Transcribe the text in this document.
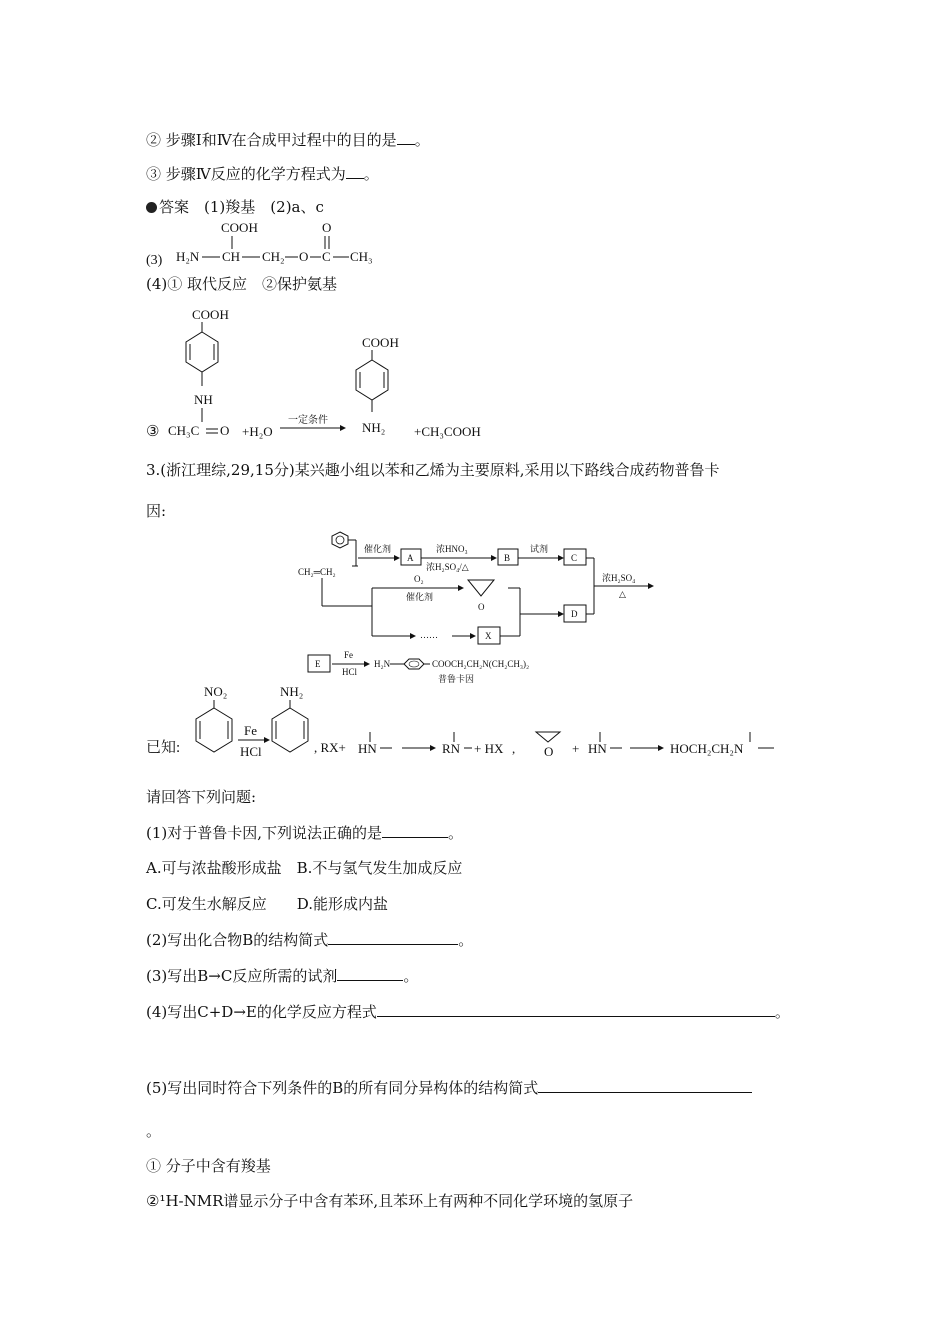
② 步骤Ⅰ和Ⅳ在合成甲过程中的目的是 。
③ 步骤Ⅳ反应的化学方程式为 。
答案　 (1)羧基　 (2)a、c
(3)
COOH
H₂N CH CH₂ O C
O
CH₃
(4)① 取代反应　②保护氨基
③
COOH
NH
CH₃C O +H₂O
一定条件
COOH
NH₂ +CH₃COOH
3.(浙江理综,29,15分)某兴趣小组以苯和乙烯为主要原料,采用以下路线合成药物普鲁卡
因:
CH₂═CH₂
催化剂
A
浓HNO₃
浓H₂SO₄/△
B
试剂
C
浓H₂SO₄
△
O₂
催化剂
O
D
……	X
E
Fe
HCl
H₂N	COOCH₂CH₂N(CH₂CH₃)₂
普鲁卡因
已知:
NO₂
Fe
HCl
NH₂
, RX+ HN	RN + HX , O + HN	HOCH₂CH₂N
请回答下列问题:
(1)对于普鲁卡因,下列说法正确的是	。
A.可与浓盐酸形成盐　B.不与氢气发生加成反应
C.可发生水解反应　　D.能形成内盐
(2)写出化合物B的结构简式	。
(3)写出B→C反应所需的试剂	。
(4)写出C+D→E的化学反应方程式	。
(5)写出同时符合下列条件的B的所有同分异构体的结构简式
。
① 分子中含有羧基
②¹H-NMR谱显示分子中含有苯环,且苯环上有两种不同化学环境的氢原子
